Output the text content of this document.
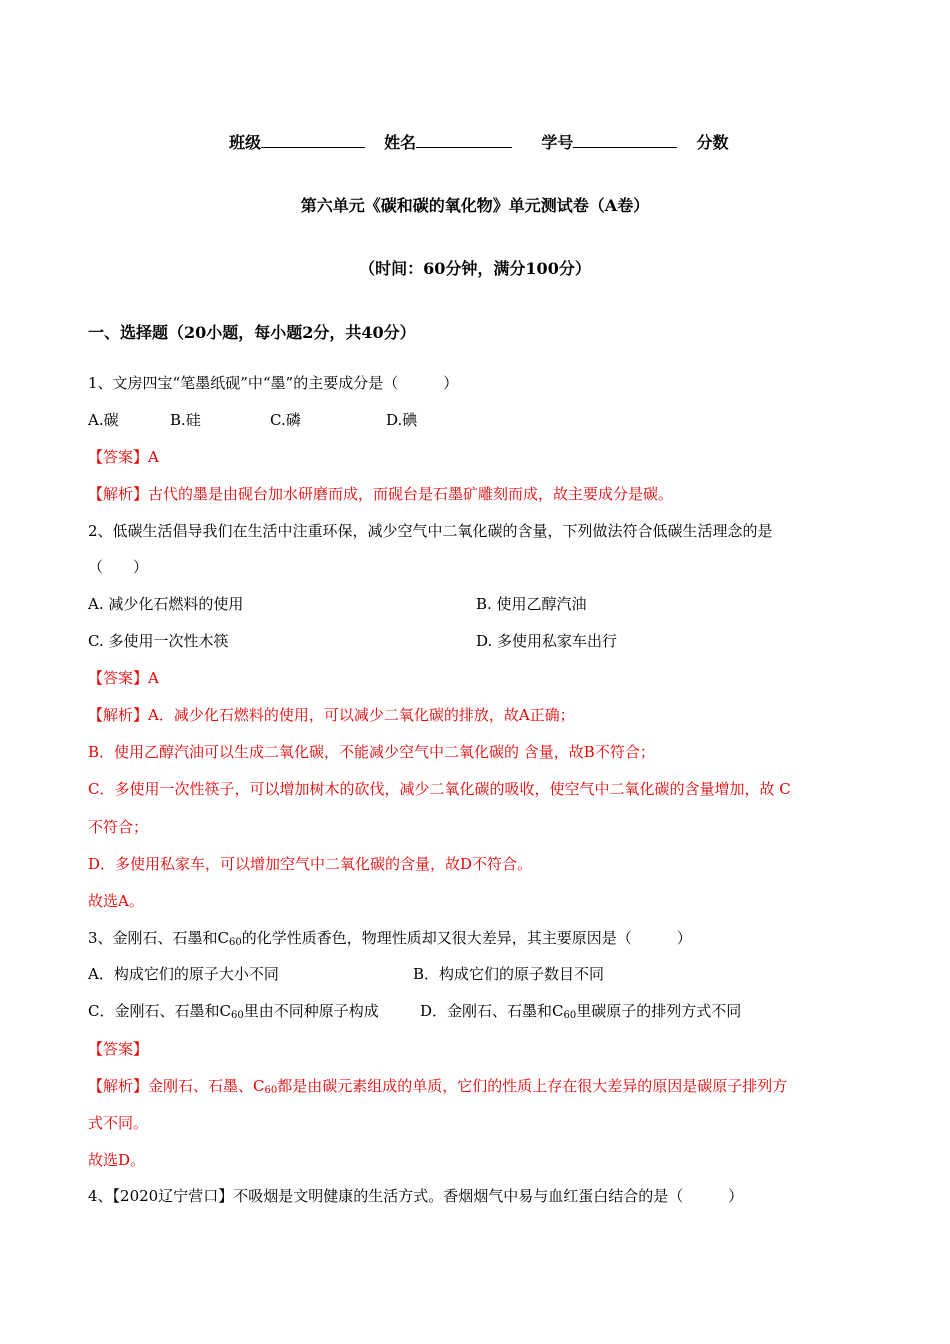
班级	姓名	学号	分数
第六单元《碳和碳的氧化物》单元测试卷（A卷）
（时间：60分钟，满分100分）
一、选择题（20小题，每小题2分，共40分）
1、文房四宝“笔墨纸砚”中“墨”的主要成分是（　　　）
A.碳	B.硅	C.磷	D.碘
【答案】A
【解析】古代的墨是由砚台加水研磨而成，而砚台是石墨矿雕刻而成，故主要成分是碳。
2、低碳生活倡导我们在生活中注重环保，减少空气中二氧化碳的含量，下列做法符合低碳生活理念的是
（　　）
A. 减少化石燃料的使用	B. 使用乙醇汽油
C. 多使用一次性木筷	D. 多使用私家车出行
【答案】A
【解析】A．减少化石燃料的使用，可以减少二氧化碳的排放，故A正确；
B．使用乙醇汽油可以生成二氧化碳，不能减少空气中二氧化碳的 含量，故B不符合；
C．多使用一次性筷子，可以增加树木的砍伐，减少二氧化碳的吸收，使空气中二氧化碳的含量增加，故 C
不符合；
D．多使用私家车，可以增加空气中二氧化碳的含量，故D不符合。
故选A。
3、金刚石、石墨和$C_{60}$的化学性质香色，物理性质却又很大差异，其主要原因是（　　　）
A．构成它们的原子大小不同	B．构成它们的原子数目不同
C．金刚石、石墨和$C_{60}$里由不同种原子构成	D．金刚石、石墨和$C_{60}$里碳原子的排列方式不同
【答案】
【解析】金刚石、石墨、$C_{60}$都是由碳元素组成的单质，它们的性质上存在很大差异的原因是碳原子排列方
式不同。
故选D。
4、【2020辽宁营口】不吸烟是文明健康的生活方式。香烟烟气中易与血红蛋白结合的是（　　　）
